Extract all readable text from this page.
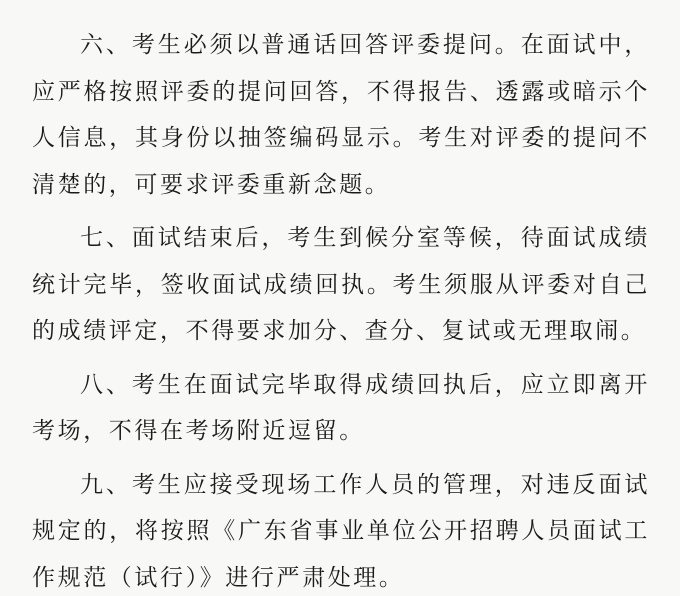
六、考生必须以普通话回答评委提问。在面试中，应严格按照评委的提问回答，不得报告、透露或暗示个人信息，其身份以抽签编码显示。考生对评委的提问不清楚的，可要求评委重新念题。

七、面试结束后，考生到候分室等候，待面试成绩统计完毕，签收面试成绩回执。考生须服从评委对自己的成绩评定，不得要求加分、查分、复试或无理取闹。

八、考生在面试完毕取得成绩回执后，应立即离开考场，不得在考场附近逗留。

九、考生应接受现场工作人员的管理，对违反面试规定的，将按照《广东省事业单位公开招聘人员面试工作规范（试行）》进行严肃处理。
